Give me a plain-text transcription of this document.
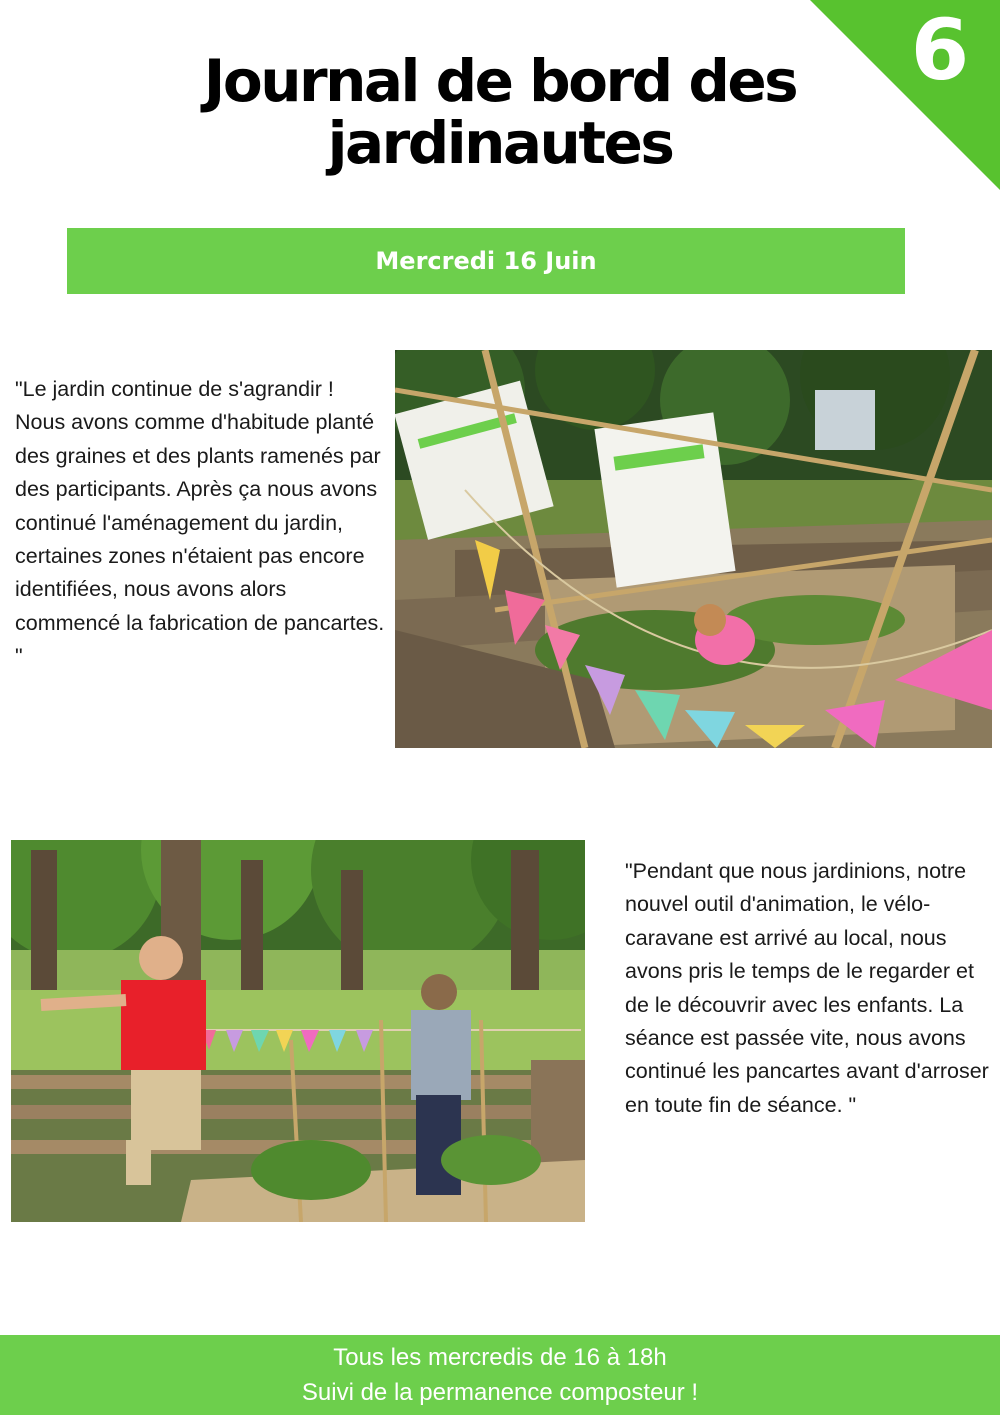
6
Journal de bord des
jardinautes
Mercredi 16 Juin

"Le jardin continue de s'agrandir ! Nous avons comme d'habitude planté des graines et des plants ramenés par des participants. Après ça nous avons continué l'aménagement du jardin, certaines zones n'étaient pas encore identifiées, nous avons alors commencé la fabrication de pancartes. "

"Pendant que nous jardinions, notre nouvel outil d'animation, le vélo-caravane est arrivé au local, nous avons pris le temps de le regarder et de le découvrir avec les enfants. La séance est passée vite, nous avons continué les pancartes avant d'arroser en toute fin de séance. "

Tous les mercredis de 16 à 18h
Suivi de la permanence composteur !
